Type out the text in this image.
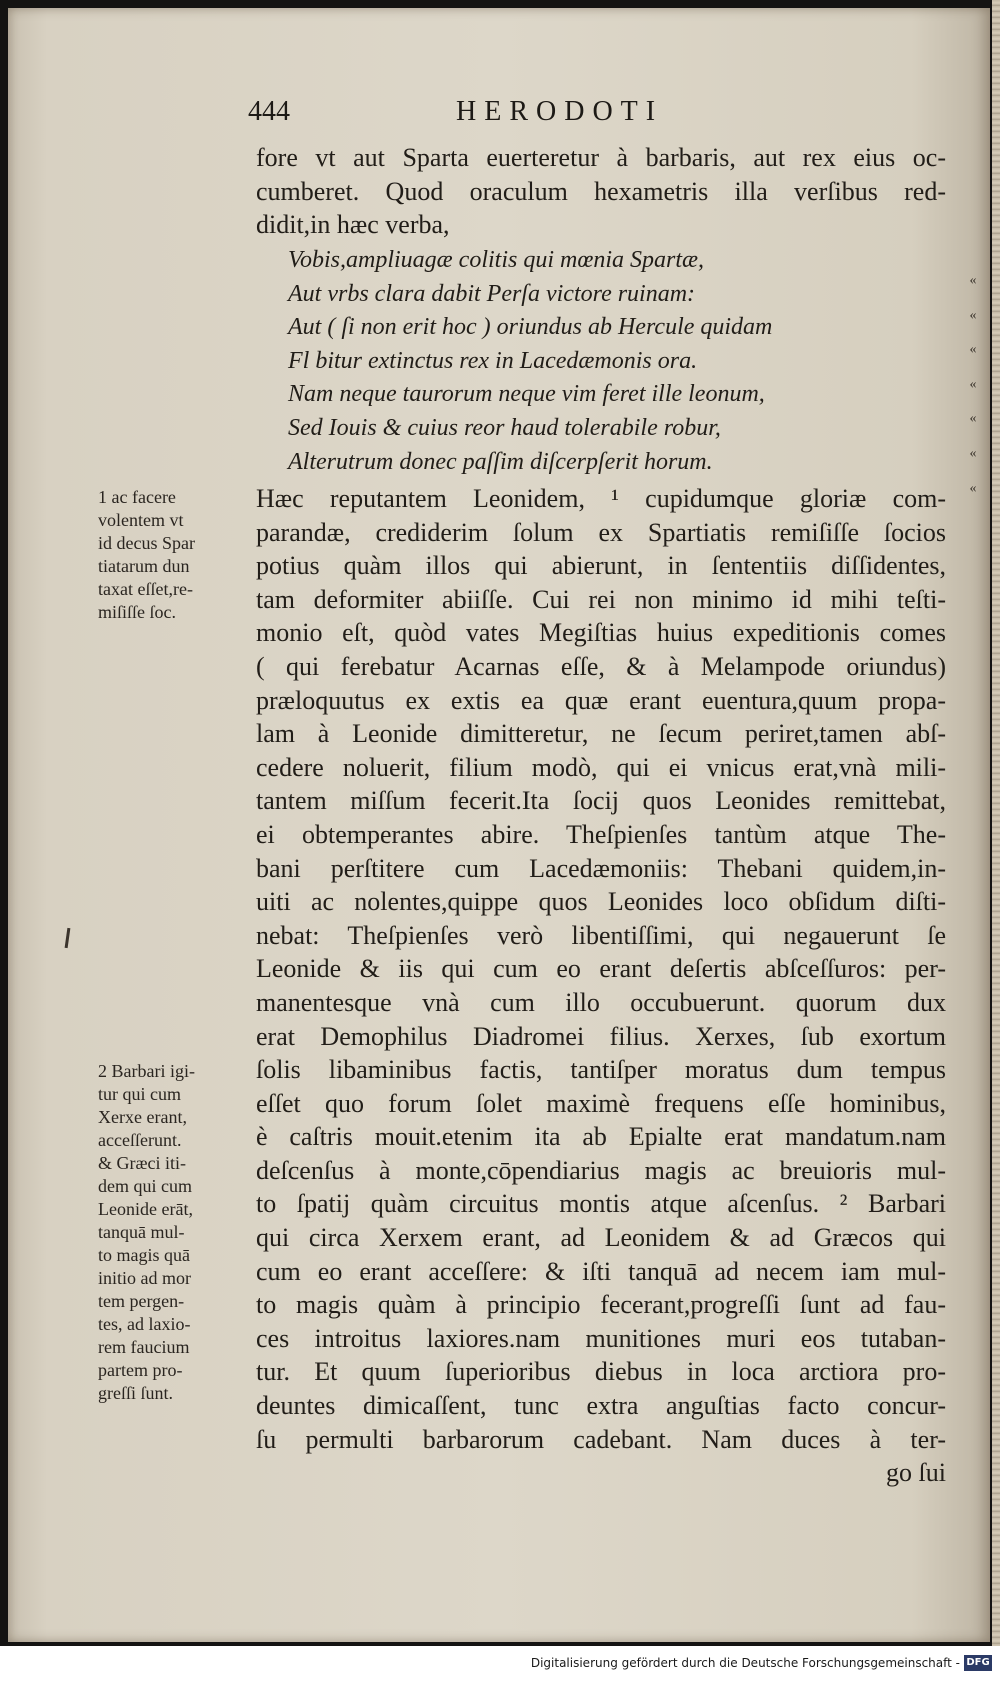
444	HERODOTI
fore vt aut Sparta euerteretur à barbaris, aut rex eius oc-
cumberet. Quod oraculum hexametris illa verſibus red-
didit,in hæc verba,
Vobis,ampliuagæ colitis qui mœnia Spartæ,
Aut vrbs clara dabit Perſa victore ruinam:
Aut ( ſi non erit hoc ) oriundus ab Hercule quidam
Fl bitur extinctus rex in Lacedæmonis ora.
Nam neque taurorum neque vim feret ille leonum,
Sed Iouis & cuius reor haud tolerabile robur,
Alterutrum donec paſſim diſcerpſerit horum.
«
«
«
«
«
«
«
Hæc reputantem Leonidem, ¹ cupidumque gloriæ com-
parandæ, crediderim ſolum ex Spartiatis remiſiſſe ſocios
potius quàm illos qui abierunt, in ſententiis diſſidentes,
tam deformiter abiiſſe. Cui rei non minimo id mihi teſti-
monio eſt, quòd vates Megiſtias huius expeditionis comes
( qui ferebatur Acarnas eſſe, & à Melampode oriundus)
præloquutus ex extis ea quæ erant euentura,quum propa-
lam à Leonide dimitteretur, ne ſecum periret,tamen abſ-
cedere noluerit, filium modò, qui ei vnicus erat,vnà mili-
tantem miſſum fecerit.Ita ſocij quos Leonides remittebat,
ei obtemperantes abire. Theſpienſes tantùm atque The-
bani perſtitere cum Lacedæmoniis: Thebani quidem,in-
uiti ac nolentes,quippe quos Leonides loco obſidum diſti-
nebat: Theſpienſes verò libentiſſimi, qui negauerunt ſe
Leonide & iis qui cum eo erant deſertis abſceſſuros: per-
manentesque vnà cum illo occubuerunt. quorum dux
erat Demophilus Diadromei filius. Xerxes, ſub exortum
ſolis libaminibus factis, tantiſper moratus dum tempus
eſſet quo forum ſolet maximè frequens eſſe hominibus,
è caſtris mouit.etenim ita ab Epialte erat mandatum.nam
deſcenſus à monte,cōpendiarius magis ac breuioris mul-
to ſpatij quàm circuitus montis atque aſcenſus. ² Barbari
qui circa Xerxem erant, ad Leonidem & ad Græcos qui
cum eo erant acceſſere: & iſti tanquā ad necem iam mul-
to magis quàm à principio fecerant,progreſſi ſunt ad fau-
ces introitus laxiores.nam munitiones muri eos tutaban-
tur. Et quum ſuperioribus diebus in loca arctiora pro-
deuntes dimicaſſent, tunc extra anguſtias facto concur-
ſu permulti barbarorum cadebant. Nam duces à ter-
go ſui
1 ac facere
volentem vt
id decus Spar
tiatarum dun
taxat eſſet,re-
miſiſſe ſoc.
2 Barbari igi-
tur qui cum
Xerxe erant,
acceſſerunt.
& Græci iti-
dem qui cum
Leonide erāt,
tanquā mul-
to magis quā
initio ad mor
tem pergen-
tes, ad laxio-
rem faucium
partem pro-
greſſi ſunt.
Digitalisierung gefördert durch die Deutsche Forschungsgemeinschaft - DFG
